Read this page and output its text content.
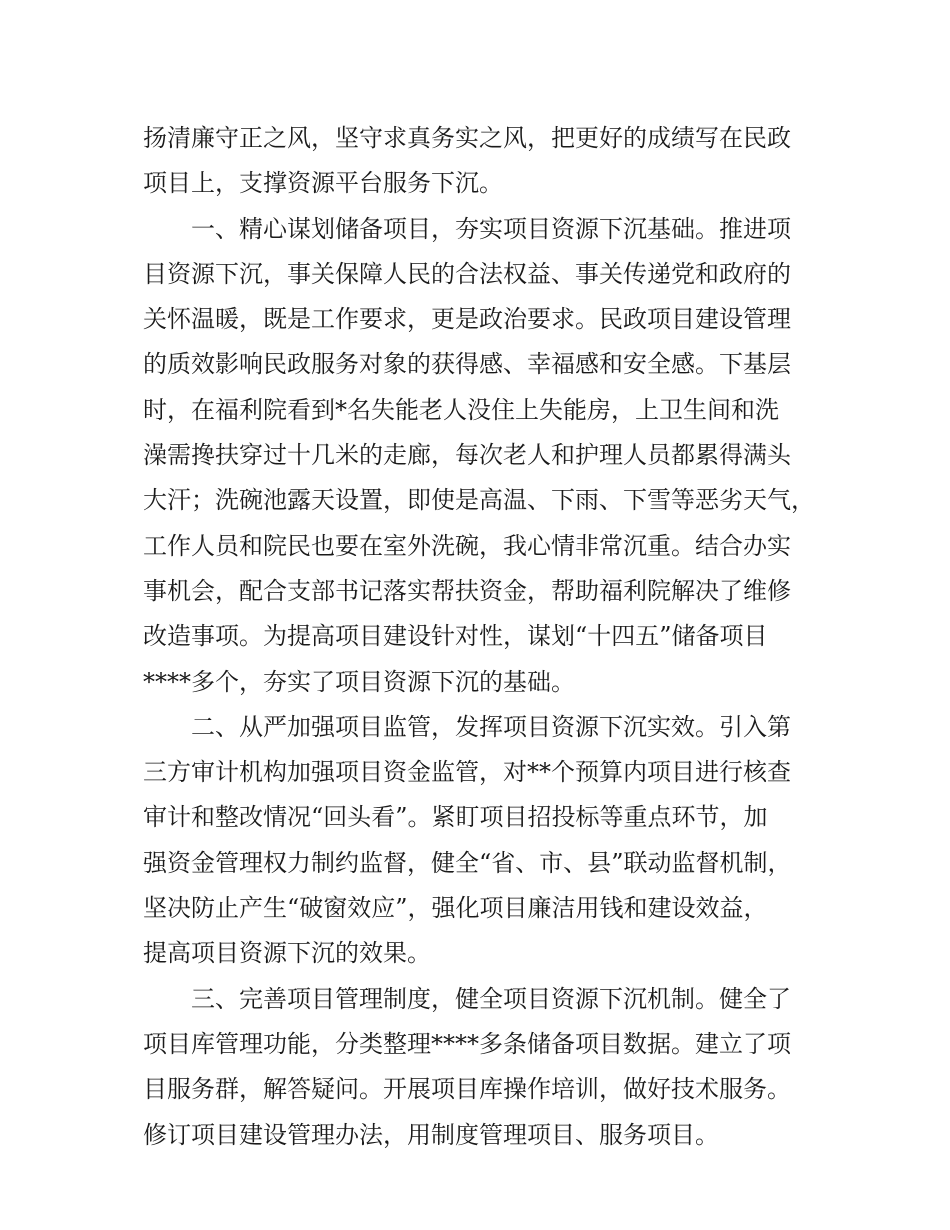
扬清廉守正之风，坚守求真务实之风，把更好的成绩写在民政
项目上，支撑资源平台服务下沉。
一、精心谋划储备项目，夯实项目资源下沉基础。推进项
目资源下沉，事关保障人民的合法权益、事关传递党和政府的
关怀温暖，既是工作要求，更是政治要求。民政项目建设管理
的质效影响民政服务对象的获得感、幸福感和安全感。下基层
时，在福利院看到*名失能老人没住上失能房，上卫生间和洗
澡需搀扶穿过十几米的走廊，每次老人和护理人员都累得满头
大汗；洗碗池露天设置，即使是高温、下雨、下雪等恶劣天气，
工作人员和院民也要在室外洗碗，我心情非常沉重。结合办实
事机会，配合支部书记落实帮扶资金，帮助福利院解决了维修
改造事项。为提高项目建设针对性，谋划“十四五”储备项目
****多个，夯实了项目资源下沉的基础。
二、从严加强项目监管，发挥项目资源下沉实效。引入第
三方审计机构加强项目资金监管，对**个预算内项目进行核查
审计和整改情况“回头看”。紧盯项目招投标等重点环节，加
强资金管理权力制约监督，健全“省、市、县”联动监督机制，
坚决防止产生“破窗效应”，强化项目廉洁用钱和建设效益，
提高项目资源下沉的效果。
三、完善项目管理制度，健全项目资源下沉机制。健全了
项目库管理功能，分类整理****多条储备项目数据。建立了项
目服务群，解答疑问。开展项目库操作培训，做好技术服务。
修订项目建设管理办法，用制度管理项目、服务项目。
